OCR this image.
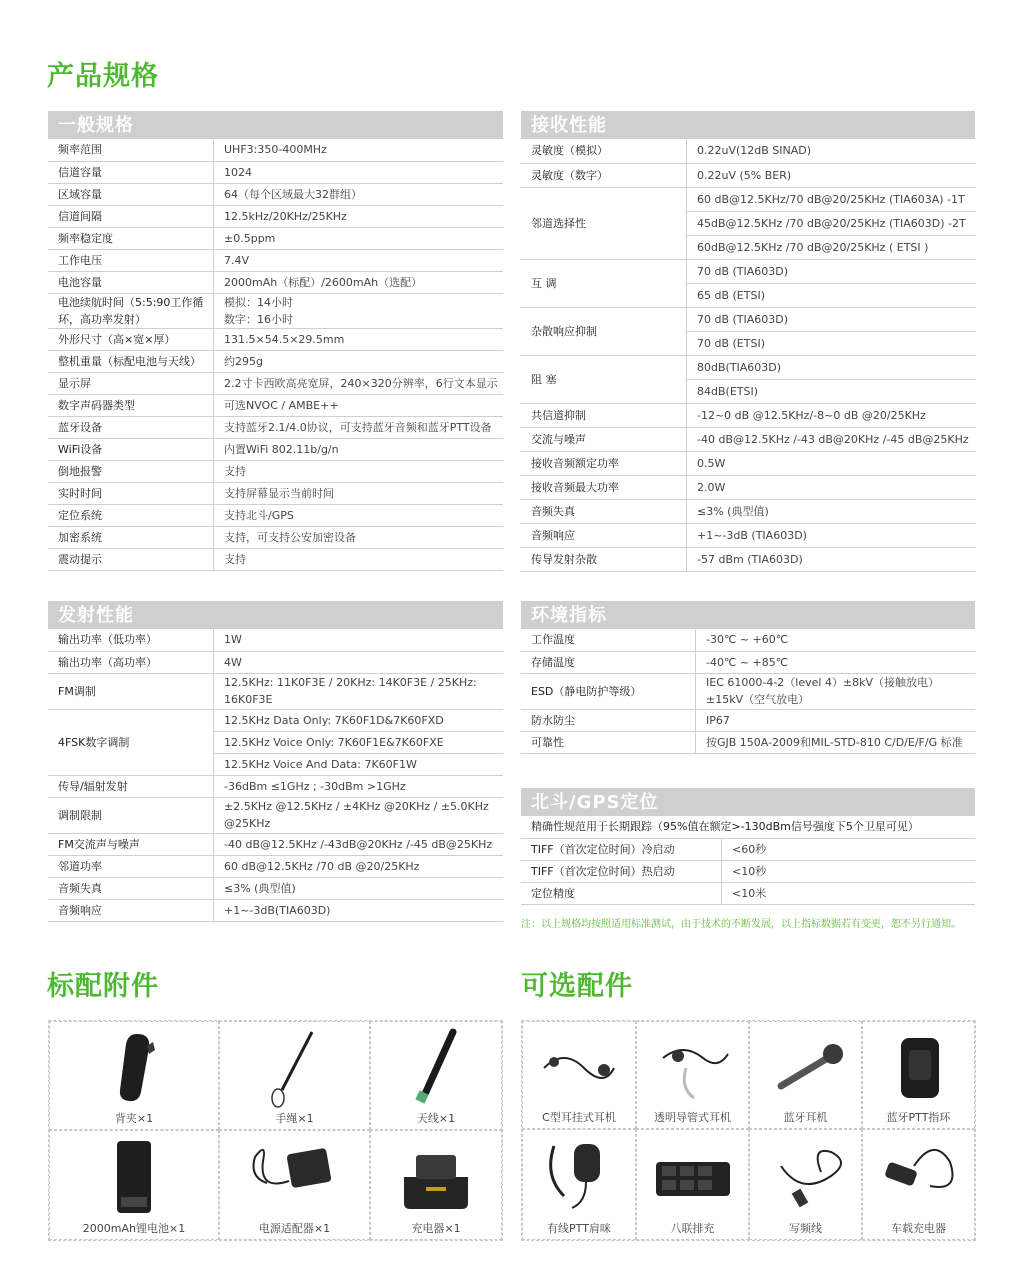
产品规格
一般规格
频率范围	UHF3:350-400MHz
信道容量	1024
区域容量	64（每个区域最大32群组）
信道间隔	12.5kHz/20KHz/25KHz
频率稳定度	±0.5ppm
工作电压	7.4V
电池容量	2000mAh（标配）/2600mAh（选配）
电池续航时间（5:5:90工作循环，高功率发射）	模拟：14小时
数字：16小时
外形尺寸（高×宽×厚）	131.5×54.5×29.5mm
整机重量（标配电池与天线）	约295g
显示屏	2.2寸卡西欧高亮宽屏，240×320分辨率，6行文本显示
数字声码器类型	可选NVOC / AMBE++
蓝牙设备	支持蓝牙2.1/4.0协议，可支持蓝牙音频和蓝牙PTT设备
WiFi设备	内置WiFi 802.11b/g/n
倒地报警	支持
实时时间	支持屏幕显示当前时间
定位系统	支持北斗/GPS
加密系统	支持，可支持公安加密设备
震动提示	支持
接收性能
灵敏度（模拟）	0.22uV(12dB SINAD)
灵敏度（数字）	0.22uV (5% BER)
邻道选择性	60 dB@12.5KHz/70 dB@20/25KHz (TIA603A) -1T
	45dB@12.5KHz /70 dB@20/25KHz (TIA603D) -2T
	60dB@12.5KHz /70 dB@20/25KHz ( ETSI )
互 调	70 dB (TIA603D)
	65 dB (ETSI)
杂散响应抑制	70 dB (TIA603D)
	70 dB (ETSI)
阻 塞	80dB(TIA603D)
	84dB(ETSI)
共信道抑制	-12~0 dB @12.5KHz/-8~0 dB @20/25KHz
交流与噪声	-40 dB@12.5KHz /-43 dB@20KHz /-45 dB@25KHz
接收音频额定功率	0.5W
接收音频最大功率	2.0W
音频失真	≤3% (典型值)
音频响应	+1~-3dB (TIA603D)
传导发射杂散	-57 dBm (TIA603D)
发射性能
输出功率（低功率）	1W
输出功率（高功率）	4W
FM调制	12.5KHz: 11K0F3E / 20KHz: 14K0F3E / 25KHz: 16K0F3E
4FSK数字调制	12.5KHz Data Only: 7K60F1D&7K60FXD
	12.5KHz Voice Only: 7K60F1E&7K60FXE
	12.5KHz Voice And Data: 7K60F1W
传导/辐射发射	-36dBm ≤1GHz ; -30dBm >1GHz
调制限制	±2.5KHz @12.5KHz / ±4KHz @20KHz / ±5.0KHz @25KHz
FM交流声与噪声	-40 dB@12.5KHz /-43dB@20KHz /-45 dB@25KHz
邻道功率	60 dB@12.5KHz /70 dB @20/25KHz
音频失真	≤3% (典型值)
音频响应	+1~-3dB(TIA603D)
环境指标
工作温度	-30℃ ~ +60℃
存储温度	-40℃ ~ +85℃
ESD（静电防护等级）	IEC 61000-4-2（level 4）±8kV（接触放电）
±15kV（空气放电）
防水防尘	IP67
可靠性	按GJB 150A-2009和MIL-STD-810 C/D/E/F/G 标准
北斗/GPS定位
精确性规范用于长期跟踪（95%值在额定>-130dBm信号强度下5个卫星可见）	
TIFF（首次定位时间）冷启动	<60秒
TIFF（首次定位时间）热启动	<10秒
定位精度	<10米
注：以上规格均按照适用标准测试，由于技术的不断发展，以上指标数据若有变更，恕不另行通知。
标配附件
背夹×1	手绳×1	天线×1
2000mAh锂电池×1	电源适配器×1	充电器×1
可选配件
C型耳挂式耳机	透明导管式耳机	蓝牙耳机	蓝牙PTT指环
有线PTT肩咪	八联排充	写频线	车载充电器
